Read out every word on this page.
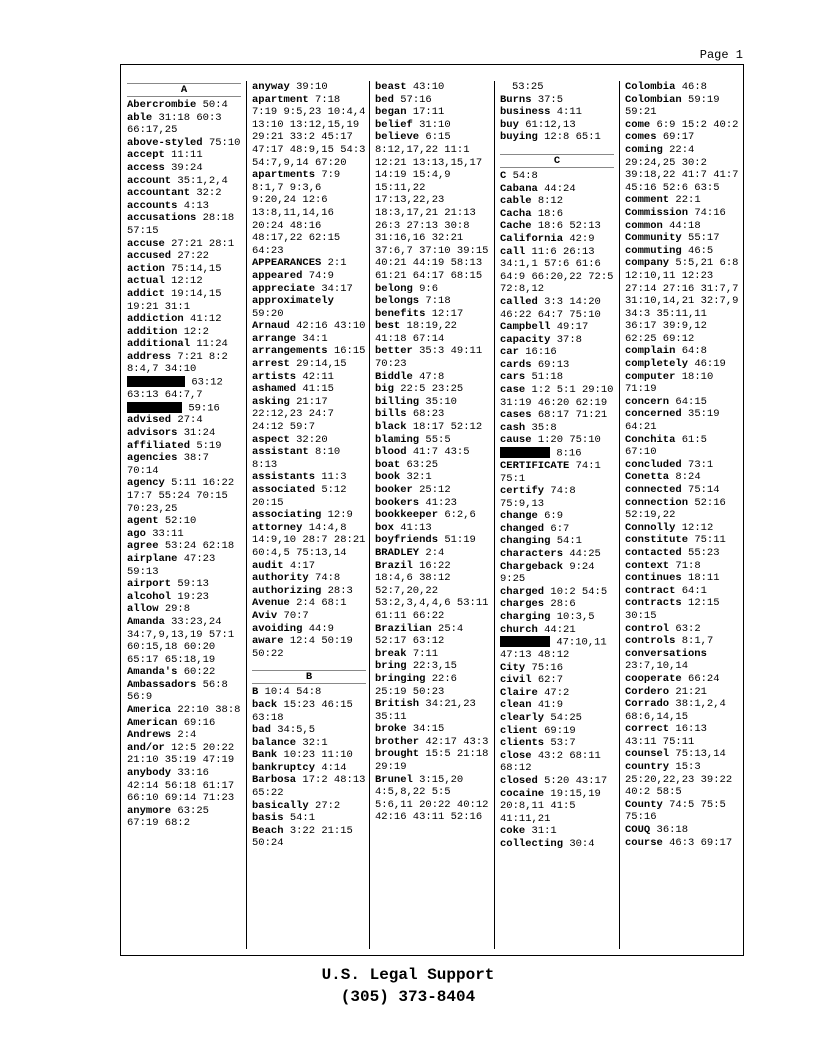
Page 1
A
Abercrombie 50:4
able 31:18 60:3 66:17,25
above-styled 75:10
accept 11:11
access 39:24
account 35:1,2,4
accountant 32:2
accounts 4:13
accusations 28:18 57:15
accuse 27:21 28:1
accused 27:22
action 75:14,15
actual 12:12
addict 19:14,15 19:21 31:1
addiction 41:12
addition 12:2
additional 11:24
address 7:21 8:2 8:4,7 34:10
63:12 63:13 64:7,7
59:16
advised 27:4
advisors 31:24
affiliated 5:19
agencies 38:7 70:14
agency 5:11 16:22 17:7 55:24 70:15 70:23,25
agent 52:10
ago 33:11
agree 53:24 62:18
airplane 47:23 59:13
airport 59:13
alcohol 19:23
allow 29:8
Amanda 33:23,24 34:7,9,13,19 57:1 60:15,18 60:20 65:17 65:18,19
Amanda's 60:22
Ambassadors 56:8 56:9
America 22:10 38:8
American 69:16
Andrews 2:4
and/or 12:5 20:22 21:10 35:19 47:19
anybody 33:16 42:14 56:18 61:17 66:10 69:14 71:23
anymore 63:25 67:19 68:2
anyway 39:10
apartment 7:18 7:19 9:5,23 10:4,4 13:10 13:12,15,19 29:21 33:2 45:17 47:17 48:9,15 54:3 54:7,9,14 67:20
apartments 7:9 8:1,7 9:3,6 9:20,24 12:6 13:8,11,14,16 20:24 48:16 48:17,22 62:15 64:23
APPEARANCES 2:1
appeared 74:9
appreciate 34:17
approximately 59:20
Arnaud 42:16 43:10
arrange 34:1
arrangements 16:15
arrest 29:14,15
artists 42:11
ashamed 41:15
asking 21:17 22:12,23 24:7 24:12 59:7
aspect 32:20
assistant 8:10 8:13
assistants 11:3
associated 5:12 20:15
associating 12:9
attorney 14:4,8 14:9,10 28:7 28:21 60:4,5 75:13,14
audit 4:17
authority 74:8
authorizing 28:3
Avenue 2:4 68:1
Aviv 70:7
avoiding 44:9
aware 12:4 50:19 50:22
B
B 10:4 54:8
back 15:23 46:15 63:18
bad 34:5,5
balance 32:1
Bank 10:23 11:10
bankruptcy 4:14
Barbosa 17:2 48:13 65:22
basically 27:2
basis 54:1
Beach 3:22 21:15 50:24
beast 43:10
bed 57:16
began 17:11
belief 31:10
believe 6:15 8:12,17,22 11:1 12:21 13:13,15,17 14:19 15:4,9 15:11,22 17:13,22,23 18:3,17,21 21:13 26:3 27:13 30:8 31:16,16 32:21 37:6,7 37:10 39:15 40:21 44:19 58:13 61:21 64:17 68:15
belong 9:6
belongs 7:18
benefits 12:17
best 18:19,22 41:18 67:14
better 35:3 49:11 70:23
Biddle 47:8
big 22:5 23:25
billing 35:10
bills 68:23
black 18:17 52:12
blaming 55:5
blood 41:7 43:5
boat 63:25
book 32:1
booker 25:12
bookers 41:23
bookkeeper 6:2,6
box 41:13
boyfriends 51:19
BRADLEY 2:4
Brazil 16:22 18:4,6 38:12 52:7,20,22 53:2,3,4,4,6 53:11 61:11 66:22
Brazilian 25:4 52:17 63:12
break 7:11
bring 22:3,15
bringing 22:6 25:19 50:23
British 34:21,23 35:11
broke 34:15
brother 42:17 43:3
brought 15:5 21:18 29:19
Brunel 3:15,20 4:5,8,22 5:5 5:6,11 20:22 40:12 42:16 43:11 52:16
53:25
Burns 37:5
business 4:11
buy 61:12,13
buying 12:8 65:1
C
C 54:8
Cabana 44:24
cable 8:12
Cacha 18:6
Cache 18:6 52:13
California 42:9
call 11:6 26:13 34:1,1 57:6 61:6 64:9 66:20,22 72:5 72:8,12
called 3:3 14:20 46:22 64:7 75:10
Campbell 49:17
capacity 37:8
car 16:16
cards 69:13
cars 51:18
case 1:2 5:1 29:10 31:19 46:20 62:19
cases 68:17 71:21
cash 35:8
cause 1:20 75:10
8:16
CERTIFICATE 74:1 75:1
certify 74:8 75:9,13
change 6:9
changed 6:7
changing 54:1
characters 44:25
Chargeback 9:24 9:25
charged 10:2 54:5
charges 28:6
charging 10:3,5
church 44:21
47:10,11 47:13 48:12
City 75:16
civil 62:7
Claire 47:2
clean 41:9
clearly 54:25
client 69:19
clients 53:7
close 43:2 68:11 68:12
closed 5:20 43:17
cocaine 19:15,19 20:8,11 41:5 41:11,21
coke 31:1
collecting 30:4
Colombia 46:8
Colombian 59:19 59:21
come 6:9 15:2 40:2
comes 69:17
coming 22:4 29:24,25 30:2 39:18,22 41:7 41:7 45:16 52:6 63:5
comment 22:1
Commission 74:16
common 44:18
Community 55:17
commuting 46:5
company 5:5,21 6:8 12:10,11 12:23 27:14 27:16 31:7,7 31:10,14,21 32:7,9 34:3 35:11,11 36:17 39:9,12 62:25 69:12
complain 64:8
completely 46:19
computer 18:10 71:19
concern 64:15
concerned 35:19 64:21
Conchita 61:5 67:10
concluded 73:1
Conetta 8:24
connected 75:14
connection 52:16 52:19,22
Connolly 12:12
constitute 75:11
contacted 55:23
context 71:8
continues 18:11
contract 64:1
contracts 12:15 30:15
control 63:2
controls 8:1,7
conversations 23:7,10,14
cooperate 66:24
Cordero 21:21
Corrado 38:1,2,4 68:6,14,15
correct 16:13 43:11 75:11
counsel 75:13,14
country 15:3 25:20,22,23 39:22 40:2 58:5
County 74:5 75:5 75:16
COUQ 36:18
course 46:3 69:17
U.S. Legal Support
(305) 373-8404
